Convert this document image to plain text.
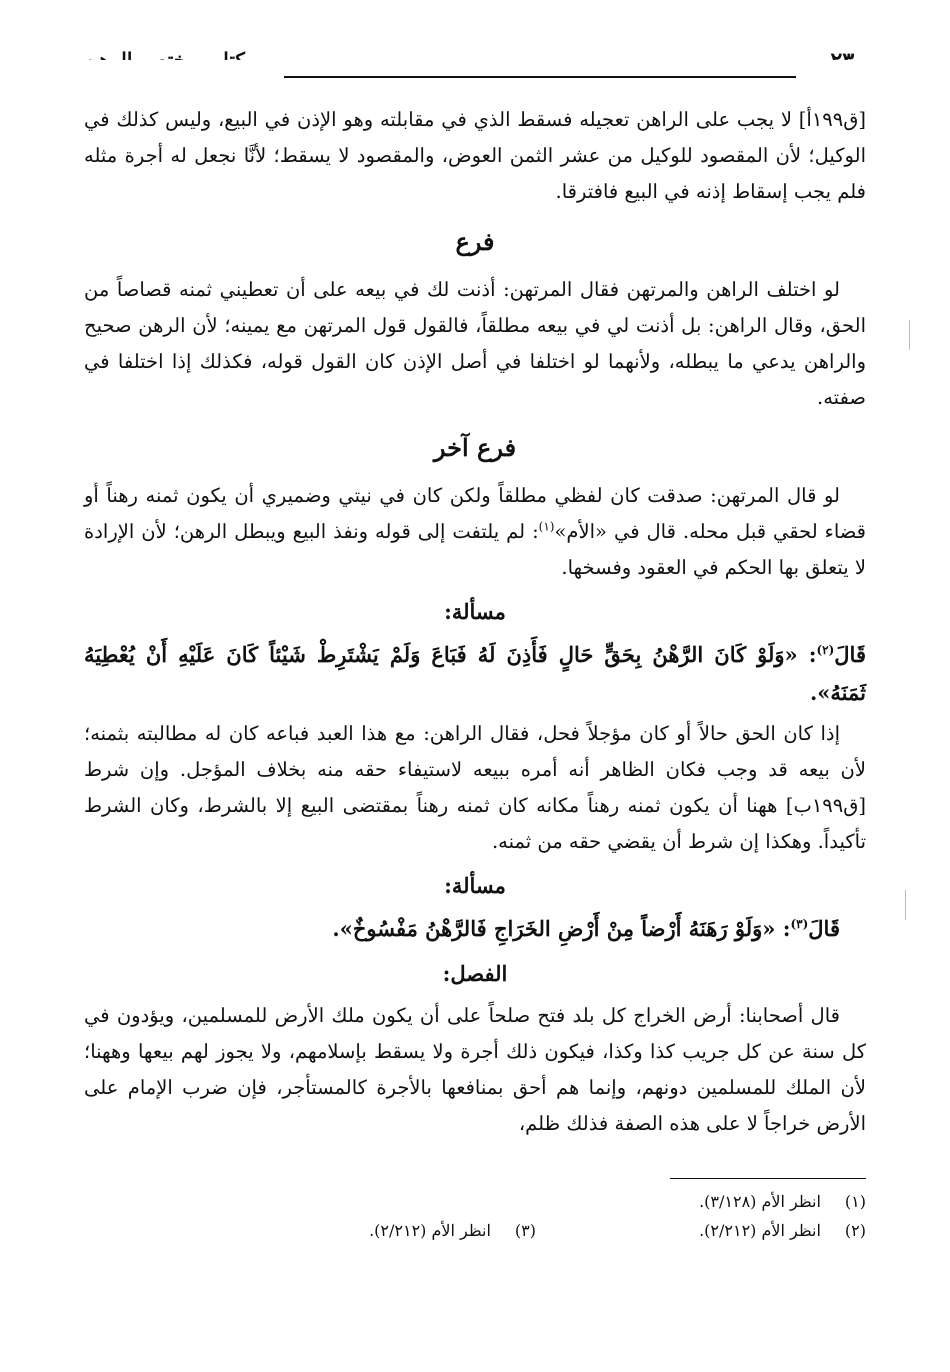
[ق١٩٩أ] لا يجب على الراهن تعجيله فسقط الذي في مقابلته وهو الإذن في البيع، وليس كذلك في الوكيل؛ لأن المقصود للوكيل من عشر الثمن العوض، والمقصود لا يسقط؛ لأنَّا نجعل له أجرة مثله فلم يجب إسقاط إذنه في البيع فافترقا.

فرع

لو اختلف الراهن والمرتهن فقال المرتهن: أذنت لك في بيعه على أن تعطيني ثمنه قصاصاً من الحق، وقال الراهن: بل أذنت لي في بيعه مطلقاً، فالقول قول المرتهن مع يمينه؛ لأن الرهن صحيح والراهن يدعي ما يبطله، ولأنهما لو اختلفا في أصل الإذن كان القول قوله، فكذلك إذا اختلفا في صفته.

فرع آخر

لو قال المرتهن: صدقت كان لفظي مطلقاً ولكن كان في نيتي وضميري أن يكون ثمنه رهناً أو قضاء لحقي قبل محله. قال في «الأم»$^{(١)}$: لم يلتفت إلى قوله ونفذ البيع ويبطل الرهن؛ لأن الإرادة لا يتعلق بها الحكم في العقود وفسخها.

مسألة:

قَالَ$^{(٢)}$: «وَلَوْ كَانَ الرَّهْنُ بِحَقٍّ حَالٍ فَأَذِنَ لَهُ فَبَاعَ وَلَمْ يَشْتَرِطْ شَيْئاً كَانَ عَلَيْهِ أَنْ يُعْطِيَهُ ثَمَنَهُ».

إذا كان الحق حالاً أو كان مؤجلاً فحل، فقال الراهن: مع هذا العبد فباعه كان له مطالبته بثمنه؛ لأن بيعه قد وجب فكان الظاهر أنه أمره ببيعه لاستيفاء حقه منه بخلاف المؤجل. وإن شرط [ق١٩٩ب] ههنا أن يكون ثمنه رهناً مكانه كان ثمنه رهناً بمقتضى البيع إلا بالشرط، وكان الشرط تأكيداً. وهكذا إن شرط أن يقضي حقه من ثمنه.

مسألة:

قَالَ$^{(٣)}$: «وَلَوْ رَهَنَهُ أَرْضاً مِنْ أَرْضِ الخَرَاجِ فَالرَّهْنُ مَفْسُوخٌ».

الفصل:

قال أصحابنا: أرض الخراج كل بلد فتح صلحاً على أن يكون ملك الأرض للمسلمين، ويؤدون في كل سنة عن كل جريب كذا وكذا، فيكون ذلك أجرة ولا يسقط بإسلامهم، ولا يجوز لهم بيعها وههنا؛ لأن الملك للمسلمين دونهم، وإنما هم أحق بمنافعها بالأجرة كالمستأجر، فإن ضرب الإمام على الأرض خراجاً لا على هذه الصفة فذلك ظلم،

(١) انظر الأم (٣/١٢٨).
(٢) انظر الأم (٢/٢١٢).
(٣) انظر الأم (٢/٢١٢).
